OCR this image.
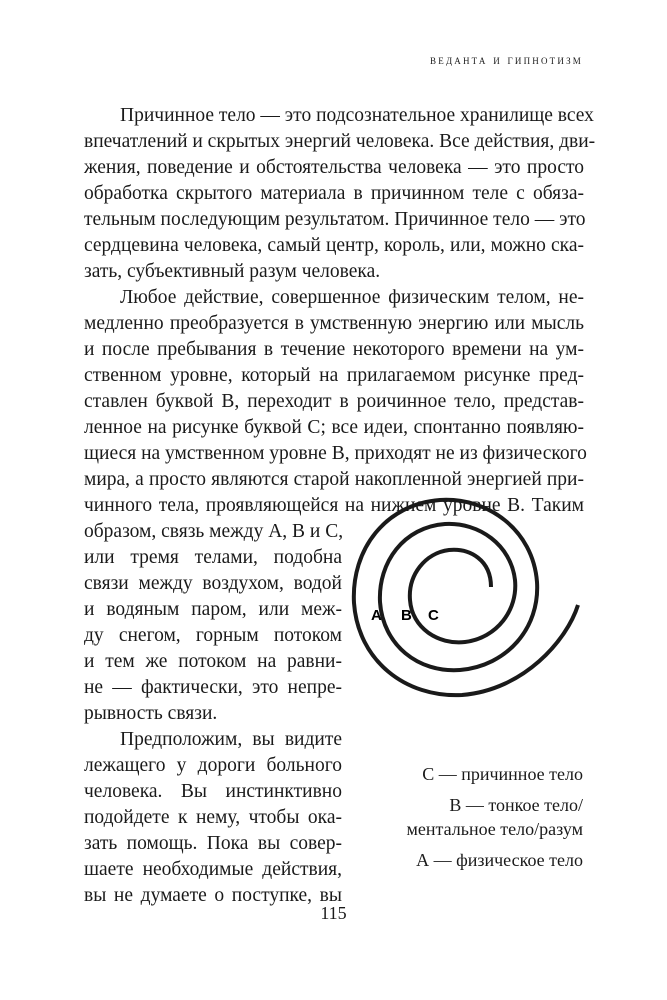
веданта и гипнотизм
Причинное тело — это подсознательное хранилище всех
впечатлений и скрытых энергий человека. Все действия, дви-
жения, поведение и обстоятельства человека — это просто
обработка скрытого материала в причинном теле с обяза-
тельным последующим результатом. Причинное тело — это
сердцевина человека, самый центр, король, или, можно ска-
зать, субъективный разум человека.
Любое действие, совершенное физическим телом, не-
медленно преобразуется в умственную энергию или мысль
и после пребывания в течение некоторого времени на ум-
ственном уровне, который на прилагаемом рисунке пред-
ставлен буквой В, переходит в роичинное тело, представ-
ленное на рисунке буквой С; все идеи, спонтанно появляю-
щиеся на умственном уровне В, приходят не из физического
мира, а просто являются старой накопленной энергией при-
чинного тела, проявляющейся на нижнем уровне В. Таким
образом, связь между А, В и С,
или тремя телами, подобна
связи между воздухом, водой
и водяным паром, или меж-
ду снегом, горным потоком
и тем же потоком на равни-
не — фактически, это непре-
рывность связи.
Предположим, вы видите
лежащего у дороги больного
человека. Вы инстинктивно
подойдете к нему, чтобы ока-
зать помощь. Пока вы совер-
шаете необходимые действия,
вы не думаете о поступке, вы
A B C
С — причинное тело
В — тонкое тело/
ментальное тело/разум
А — физическое тело
115
